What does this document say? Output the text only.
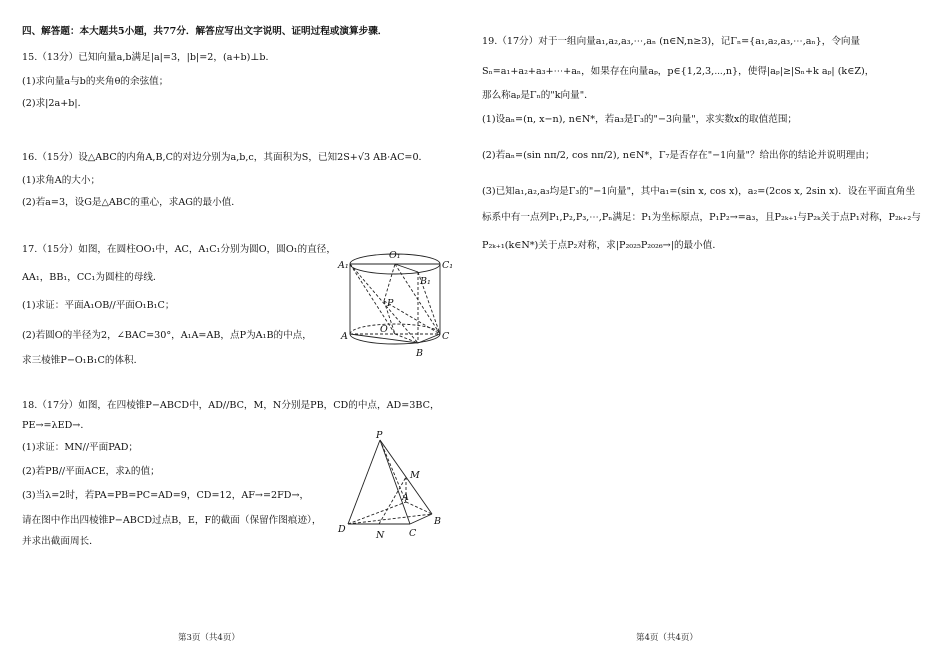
四、解答题：本大题共5小题，共77分．解答应写出文字说明、证明过程或演算步骤．
15.（13分）已知向量a,b满足|a|=3，|b|=2，(a+b)⊥b．
(1)求向量a与b的夹角θ的余弦值；
(2)求|2a+b|．
16.（15分）设△ABC的内角A,B,C的对边分别为a,b,c，其面积为S，已知2S+√3 AB·AC=0．
(1)求角A的大小；
(2)若a=3，设G是△ABC的重心，求AG的最小值．
17.（15分）如图，在圆柱OO₁中，AC，A₁C₁分别为圆O，圆O₁的直径，
AA₁，BB₁，CC₁为圆柱的母线．
(1)求证：平面A₁OB//平面O₁B₁C；
(2)若圆O的半径为2，∠BAC=30°，A₁A=AB，点P为A₁B的中点，
求三棱锥P−O₁B₁C的体积．
18.（17分）如图，在四棱锥P−ABCD中，AD//BC，M，N分别是PB，CD的中点，AD=3BC，
PE→=λED→．
(1)求证：MN//平面PAD；
(2)若PB//平面ACE，求λ的值；
(3)当λ=2时，若PA=PB=PC=AD=9，CD=12，AF→=2FD→，
请在图中作出四棱锥P−ABCD过点B，E，F的截面（保留作图痕迹），
并求出截面周长．
A₁
O₁
C₁
B₁
P
O
A	C
B
P
M
A
D
N	C
B
19.（17分）对于一组向量a₁,a₂,a₃,⋯,aₙ (n∈N,n≥3)，记Γₙ={a₁,a₂,a₃,⋯,aₙ}，令向量
Sₙ=a₁+a₂+a₃+⋯+aₙ，如果存在向量aₚ，p∈{1,2,3,⋯,n}，使得|aₚ|≥|Sₙ+k aₚ| (k∈Z)，
那么称aₚ是Γₙ的"k向量"．
(1)设aₙ=(n, x−n), n∈N*，若a₃是Γ₃的"−3向量"，求实数x的取值范围；
(2)若aₙ=(sin nπ/2, cos nπ/2), n∈N*，Γ₇是否存在"−1向量"？给出你的结论并说明理由；
(3)已知a₁,a₂,a₃均是Γ₃的"−1向量"，其中a₁=(sin x, cos x)，a₂=(2cos x, 2sin x)．设在平面直角坐
标系中有一点列P₁,P₂,P₃,⋯,Pₙ满足：P₁为坐标原点，P₁P₂→=a₃，且P₂ₖ₊₁与P₂ₖ关于点P₁对称，P₂ₖ₊₂与
P₂ₖ₊₁(k∈N*)关于点P₂对称，求|P₂₀₂₅P₂₀₂₆→|的最小值．
第3页（共4页）	第4页（共4页）
